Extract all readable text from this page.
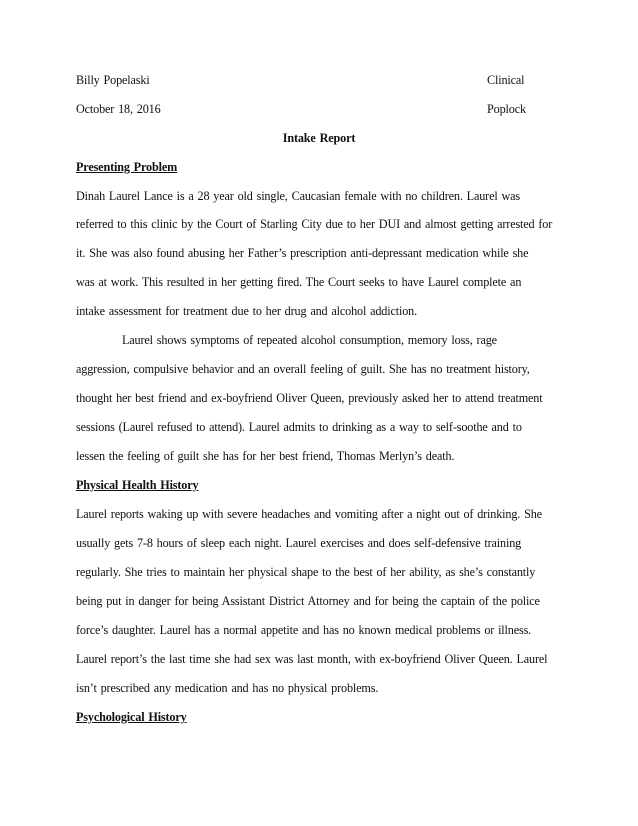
Billy Popelaski	Clinical
October 18, 2016	Poplock
Intake Report
Presenting Problem
Dinah Laurel Lance is a 28 year old single, Caucasian female with no children. Laurel was
referred to this clinic by the Court of Starling City due to her DUI and almost getting arrested for
it. She was also found abusing her Father’s prescription anti-depressant medication while she
was at work. This resulted in her getting fired. The Court seeks to have Laurel complete an
intake assessment for treatment due to her drug and alcohol addiction.
Laurel shows symptoms of repeated alcohol consumption, memory loss, rage
aggression, compulsive behavior and an overall feeling of guilt. She has no treatment history,
thought her best friend and ex-boyfriend Oliver Queen, previously asked her to attend treatment
sessions (Laurel refused to attend). Laurel admits to drinking as a way to self-soothe and to
lessen the feeling of guilt she has for her best friend, Thomas Merlyn’s death.
Physical Health History
Laurel reports waking up with severe headaches and vomiting after a night out of drinking. She
usually gets 7-8 hours of sleep each night. Laurel exercises and does self-defensive training
regularly. She tries to maintain her physical shape to the best of her ability, as she’s constantly
being put in danger for being Assistant District Attorney and for being the captain of the police
force’s daughter. Laurel has a normal appetite and has no known medical problems or illness.
Laurel report’s the last time she had sex was last month, with ex-boyfriend Oliver Queen. Laurel
isn’t prescribed any medication and has no physical problems.
Psychological History
